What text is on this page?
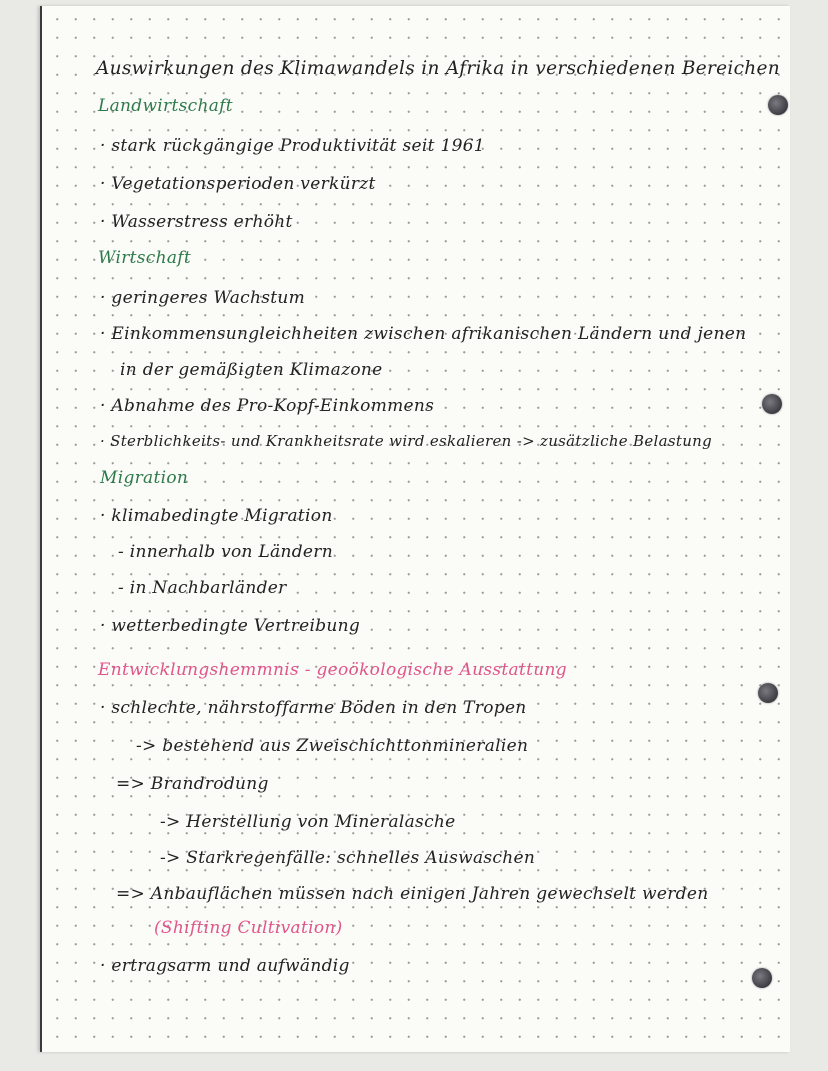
Auswirkungen des Klimawandels in Afrika in verschiedenen Bereichen
Landwirtschaft
· stark rückgängige Produktivität seit 1961
· Vegetationsperioden verkürzt
· Wasserstress erhöht
Wirtschaft
· geringeres Wachstum
· Einkommensungleichheiten zwischen afrikanischen Ländern und jenen
in der gemäßigten Klimazone
· Abnahme des Pro-Kopf-Einkommens
· Sterblichkeits- und Krankheitsrate wird eskalieren -> zusätzliche Belastung
Migration
· klimabedingte Migration
- innerhalb von Ländern
- in Nachbarländer
· wetterbedingte Vertreibung
Entwicklungshemmnis - geoökologische Ausstattung
· schlechte, nährstoffarme Böden in den Tropen
-> bestehend aus Zweischichttonmineralien
=> Brandrodung
-> Herstellung von Mineralasche
-> Starkregenfälle: schnelles Auswaschen
=> Anbauflächen müssen nach einigen Jahren gewechselt werden
(Shifting Cultivation)
· ertragsarm und aufwändig
